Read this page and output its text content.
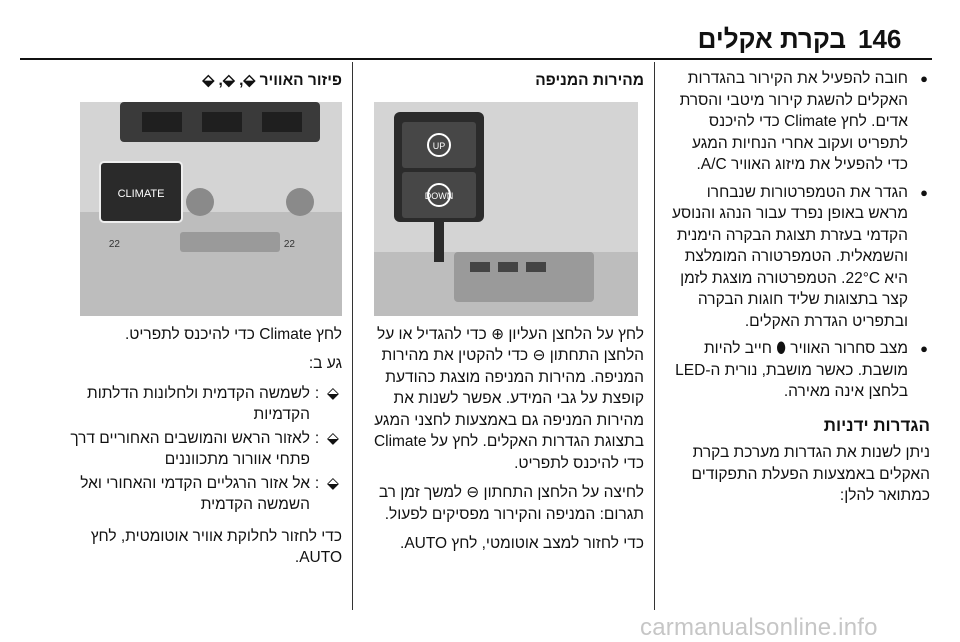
146
בקרת אקלים
● חובה להפעיל את הקירור בהגדרות האקלים להשגת קירור מיטבי והסרת אדים. לחץ Climate כדי להיכנס לתפריט ועקוב אחרי הנחיות המגע כדי להפעיל את מיזוג האוויר A/C.
● הגדר את הטמפרטורות שנבחרו מראש באופן נפרד עבור הנהג והנוסע הקדמי בעזרת תצוגת הבקרה הימנית והשמאלית. הטמפרטורה המומלצת היא 22°C. הטמפרטורה מוצגת לזמן קצר בתצוגות שליד חוגות הבקרה ובתפריט הגדרת האקלים.
● מצב סחרור האוויר ⬮ חייב להיות מושבת. כאשר מושבת, נורית ה-LED בלחצן אינה מאירה.
הגדרות ידניות

ניתן לשנות את הגדרות מערכת בקרת האקלים באמצעות הפעלת התפקודים כמתואר להלן:

מהירות המניפה
UP
DOWN

לחץ על הלחצן העליון ⊕ כדי להגדיל או על הלחצן התחתון ⊖ כדי להקטין את מהירות המניפה. מהירות המניפה מוצגת כהודעת קופצת על גבי המידע. אפשר לשנות את מהירות המניפה גם באמצעות לחצני המגע בתצוגת הגדרות האקלים. לחץ על Climate כדי להיכנס לתפריט.

לחיצה על הלחצן התחתון ⊖ למשך זמן רב תגרום: המניפה והקירור מפסיקים לפעול.

כדי לחזור למצב אוטומטי, לחץ AUTO.

פיזור האוויר ⬙, ⬙, ⬙
CLIMATE
22	22

לחץ Climate כדי להיכנס לתפריט.

גע ב:

⬙
:
לשמשה הקדמית ולחלונות הדלתות הקדמיות
⬙
:
לאזור הראש והמושבים האחוריים דרך פתחי אוורור מתכווננים
⬙
:
אל אזור הרגליים הקדמי והאחורי ואל השמשה הקדמית

כדי לחזור לחלוקת אוויר אוטומטית, לחץ AUTO.

carmanualsonline.info
